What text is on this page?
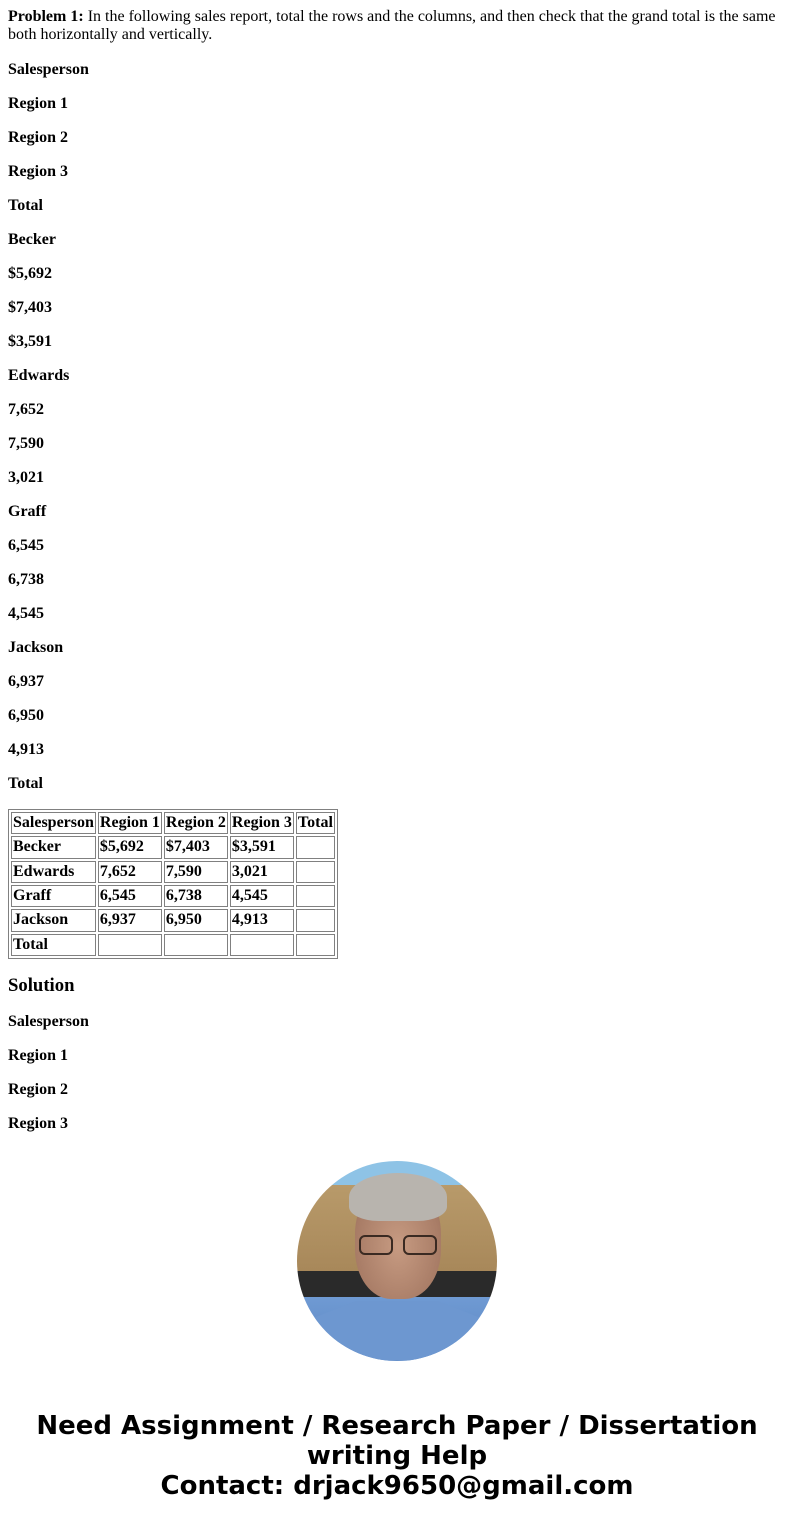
Problem 1: In the following sales report, total the rows and the columns, and then check that the grand total is the same both horizontally and vertically.

Salesperson

Region 1

Region 2

Region 3

Total

Becker

$5,692

$7,403

$3,591

Edwards

7,652

7,590

3,021

Graff

6,545

6,738

4,545

Jackson

6,937

6,950

4,913

Total

Salesperson	Region 1	Region 2	Region 3	Total
Becker	$5,692	$7,403	$3,591	
Edwards	7,652	7,590	3,021	
Graff	6,545	6,738	4,545	
Jackson	6,937	6,950	4,913	
Total				
Solution

Salesperson

Region 1

Region 2

Region 3

Need Assignment / Research Paper / Dissertation
writing Help
Contact: drjack9650@gmail.com
